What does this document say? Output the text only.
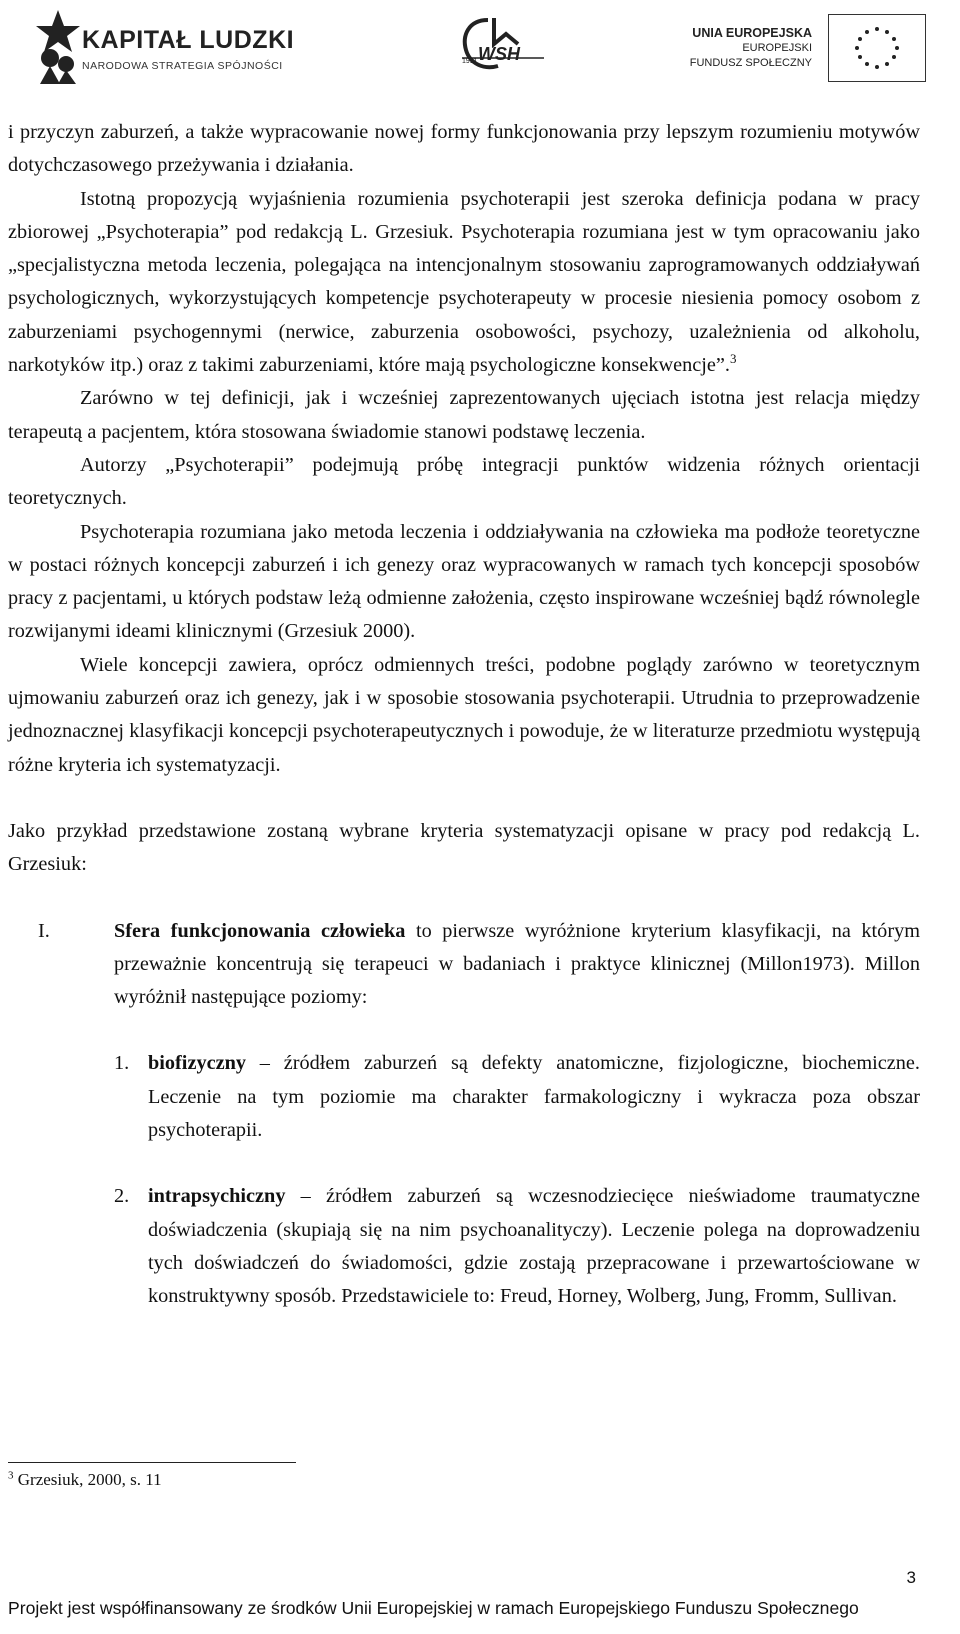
KAPITAŁ LUDZKI
NARODOWA STRATEGIA SPÓJNOŚCI
WSH
1991
UNIA EUROPEJSKA
EUROPEJSKI
FUNDUSZ SPOŁECZNY

i przyczyn zaburzeń, a także wypracowanie nowej formy funkcjonowania przy lepszym rozumieniu motywów dotychczasowego przeżywania i działania.

Istotną propozycją wyjaśnienia rozumienia psychoterapii jest szeroka definicja podana w pracy zbiorowej „Psychoterapia” pod redakcją L. Grzesiuk. Psychoterapia rozumiana jest w tym opracowaniu jako „specjalistyczna metoda leczenia, polegająca na intencjonalnym stosowaniu zaprogramowanych oddziaływań psychologicznych, wykorzystujących kompetencje psychoterapeuty w procesie niesienia pomocy osobom z zaburzeniami psychogennymi (nerwice, zaburzenia osobowości, psychozy, uzależnienia od alkoholu, narkotyków itp.) oraz z takimi zaburzeniami, które mają psychologiczne konsekwencje”.$^3$

Zarówno w tej definicji, jak i wcześniej zaprezentowanych ujęciach istotna jest relacja między terapeutą a pacjentem, która stosowana świadomie stanowi podstawę leczenia.

Autorzy „Psychoterapii” podejmują próbę integracji punktów widzenia różnych orientacji teoretycznych.

Psychoterapia rozumiana jako metoda leczenia i oddziaływania na człowieka ma podłoże teoretyczne w postaci różnych koncepcji zaburzeń i ich genezy oraz wypracowanych w ramach tych koncepcji sposobów pracy z pacjentami, u których podstaw leżą odmienne założenia, często inspirowane wcześniej bądź równolegle rozwijanymi ideami klinicznymi (Grzesiuk 2000).

Wiele koncepcji zawiera, oprócz odmiennych treści, podobne poglądy zarówno w teoretycznym ujmowaniu zaburzeń oraz ich genezy, jak i w sposobie stosowania psychoterapii. Utrudnia to przeprowadzenie jednoznacznej klasyfikacji koncepcji psychoterapeutycznych i powoduje, że w literaturze przedmiotu występują różne kryteria ich systematyzacji.

Jako przykład przedstawione zostaną wybrane kryteria systematyzacji opisane w pracy pod redakcją L. Grzesiuk:

I.	Sfera funkcjonowania człowieka to pierwsze wyróżnione kryterium klasyfikacji, na którym przeważnie koncentrują się terapeuci w badaniach i praktyce klinicznej (Millon1973). Millon wyróżnił następujące poziomy:

1. biofizyczny – źródłem zaburzeń są defekty anatomiczne, fizjologiczne, biochemiczne. Leczenie na tym poziomie ma charakter farmakologiczny i wykracza poza obszar psychoterapii.

2. intrapsychiczny – źródłem zaburzeń są wczesnodziecięce nieświadome traumatyczne doświadczenia (skupiają się na nim psychoanalityczy). Leczenie polega na doprowadzeniu tych doświadczeń do świadomości, gdzie zostają przepracowane i przewartościowane w konstruktywny sposób. Przedstawiciele to: Freud, Horney, Wolberg, Jung, Fromm, Sullivan.

$^3$ Grzesiuk, 2000, s. 11
3
Projekt jest współfinansowany ze środków Unii Europejskiej w ramach Europejskiego Funduszu Społecznego
